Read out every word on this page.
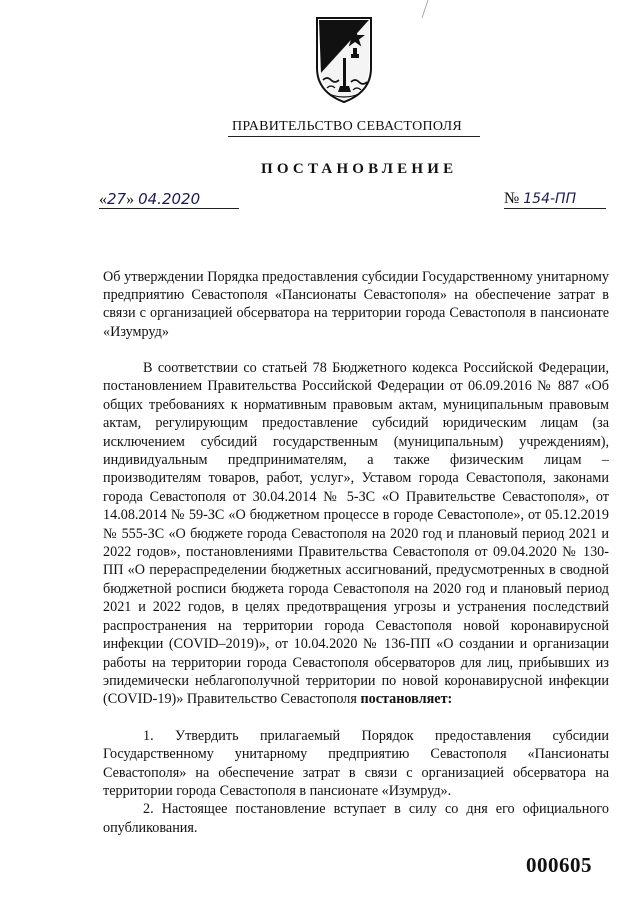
ПРАВИТЕЛЬСТВО СЕВАСТОПОЛЯ
ПОСТАНОВЛЕНИЕ
«27» 04.2020	№ 154-ПП
Об утверждении Порядка предоставления субсидии Государственному унитарному предприятию Севастополя «Пансионаты Севастополя» на обеспечение затрат в связи с организацией обсерватора на территории города Севастополя в пансионате «Изумруд»

В соответствии со статьей 78 Бюджетного кодекса Российской Федерации, постановлением Правительства Российской Федерации от 06.09.2016 № 887 «Об общих требованиях к нормативным правовым актам, муниципальным правовым актам, регулирующим предоставление субсидий юридическим лицам (за исключением субсидий государственным (муниципальным) учреждениям), индивидуальным предпринимателям, а также физическим лицам – производителям товаров, работ, услуг», Уставом города Севастополя, законами города Севастополя от 30.04.2014 № 5-ЗС «О Правительстве Севастополя», от 14.08.2014 № 59-ЗС «О бюджетном процессе в городе Севастополе», от 05.12.2019 № 555-ЗС «О бюджете города Севастополя на 2020 год и плановый период 2021 и 2022 годов», постановлениями Правительства Севастополя от 09.04.2020 № 130-ПП «О перераспределении бюджетных ассигнований, предусмотренных в сводной бюджетной росписи бюджета города Севастополя на 2020 год и плановый период 2021 и 2022 годов, в целях предотвращения угрозы и устранения последствий распространения на территории города Севастополя новой коронавирусной инфекции (COVID–2019)», от 10.04.2020 № 136-ПП «О создании и организации работы на территории города Севастополя обсерваторов для лиц, прибывших из эпидемически неблагополучной территории по новой коронавирусной инфекции (COVID-19)» Правительство Севастополя постановляет:

1. Утвердить прилагаемый Порядок предоставления субсидии Государственному унитарному предприятию Севастополя «Пансионаты Севастополя» на обеспечение затрат в связи с организацией обсерватора на территории города Севастополя в пансионате «Изумруд».

2. Настоящее постановление вступает в силу со дня его официального опубликования.

000605
